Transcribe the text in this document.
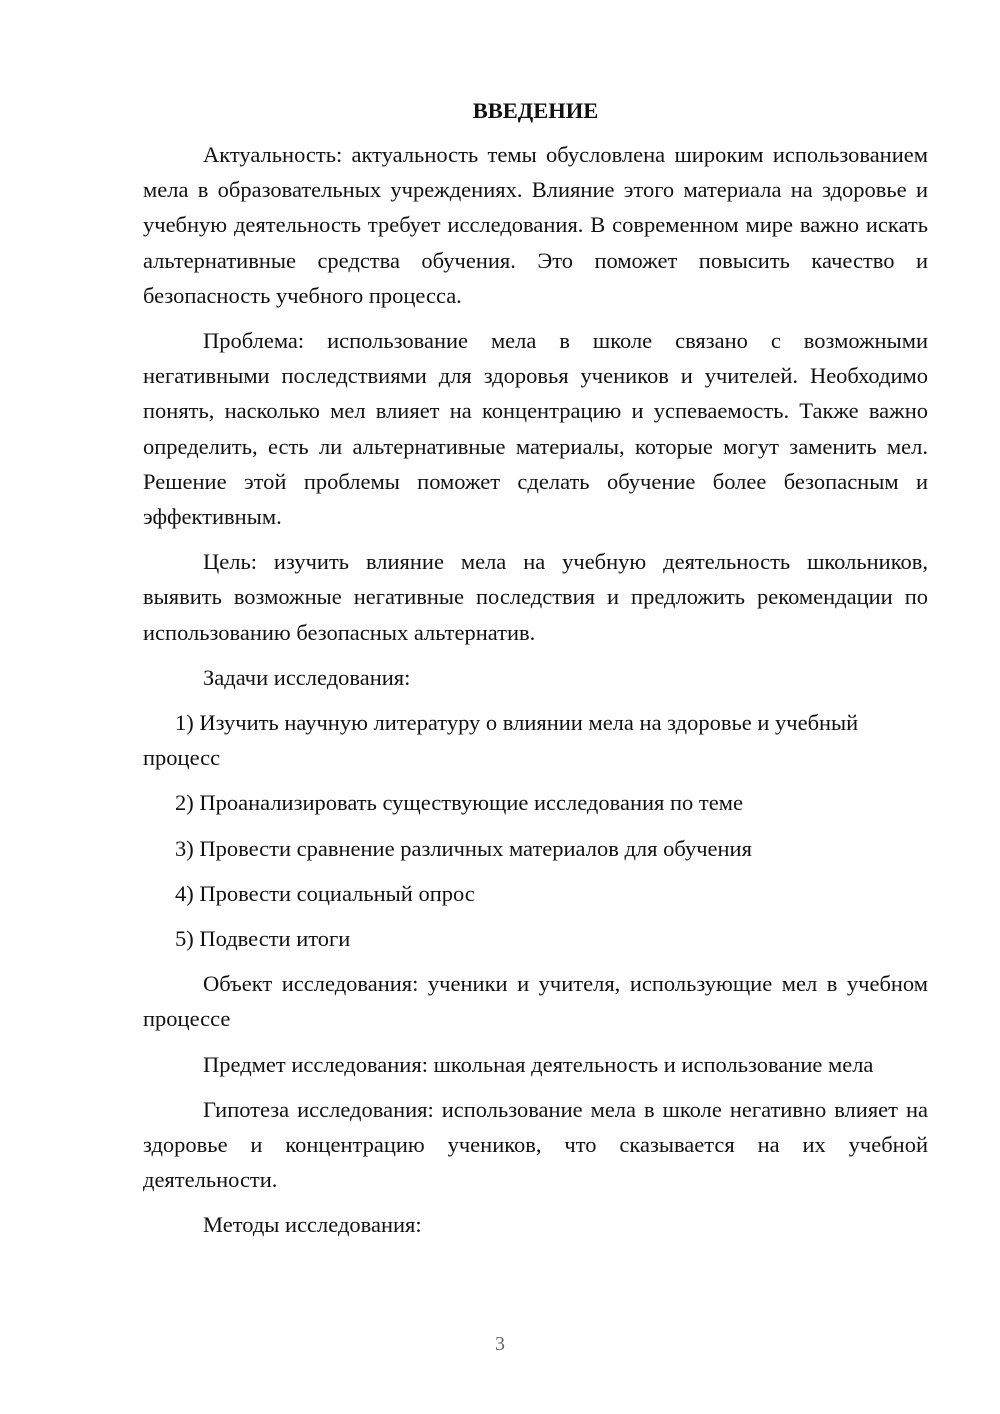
ВВЕДЕНИЕ

Актуальность: актуальность темы обусловлена широким использованием мела в образовательных учреждениях. Влияние этого материала на здоровье и учебную деятельность требует исследования. В современном мире важно искать альтернативные средства обучения. Это поможет повысить качество и безопасность учебного процесса.

Проблема: использование мела в школе связано с возможными негативными последствиями для здоровья учеников и учителей. Необходимо понять, насколько мел влияет на концентрацию и успеваемость. Также важно определить, есть ли альтернативные материалы, которые могут заменить мел. Решение этой проблемы поможет сделать обучение более безопасным и эффективным.

Цель: изучить влияние мела на учебную деятельность школьников, выявить возможные негативные последствия и предложить рекомендации по использованию безопасных альтернатив.

Задачи исследования:

1) Изучить научную литературу о влиянии мела на здоровье и учебный процесс

2) Проанализировать существующие исследования по теме

3) Провести сравнение различных материалов для обучения

4) Провести социальный опрос

5) Подвести итоги

Объект исследования: ученики и учителя, использующие мел в учебном процессе

Предмет исследования: школьная деятельность и использование мела

Гипотеза исследования: использование мела в школе негативно влияет на здоровье и концентрацию учеников, что сказывается на их учебной деятельности.

Методы исследования:

3
